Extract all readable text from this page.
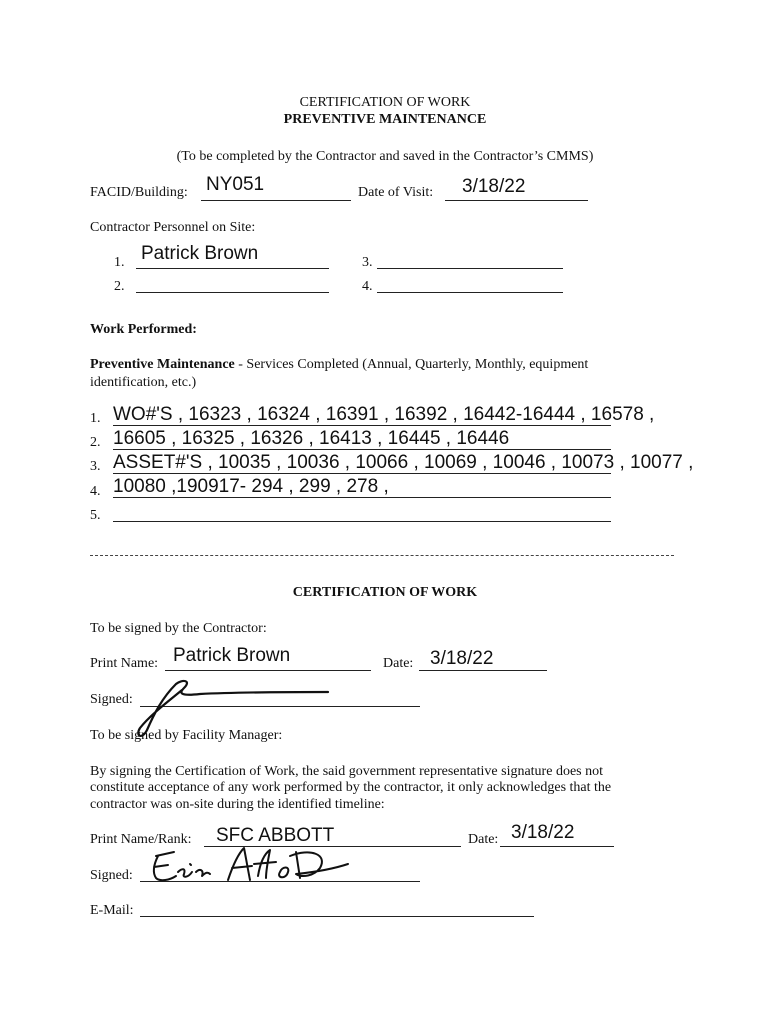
CERTIFICATION OF WORK
PREVENTIVE MAINTENANCE
(To be completed by the Contractor and saved in the Contractor’s CMMS)
FACID/Building: NY051	Date of Visit: 3/18/22
Contractor Personnel on Site:
1. Patrick Brown
2.
3.
4.
Work Performed:
Preventive Maintenance - Services Completed (Annual, Quarterly, Monthly, equipment
identification, etc.)
1. WO#'S , 16323 , 16324 , 16391 , 16392 , 16442-16444 , 16578 ,
2. 16605 , 16325 , 16326 , 16413 , 16445 , 16446
3. ASSET#'S , 10035 , 10036 , 10066 , 10069 , 10046 , 10073 , 10077 ,
4. 10080 ,190917- 294 , 299 , 278 ,
5.
CERTIFICATION OF WORK
To be signed by the Contractor:
Print Name: Patrick Brown	Date: 3/18/22
Signed:
To be signed by Facility Manager:
By signing the Certification of Work, the said government representative signature does not
constitute acceptance of any work performed by the contractor, it only acknowledges that the
contractor was on-site during the identified timeline:
Print Name/Rank: SFC ABBOTT	Date: 3/18/22
Signed:
E-Mail:
